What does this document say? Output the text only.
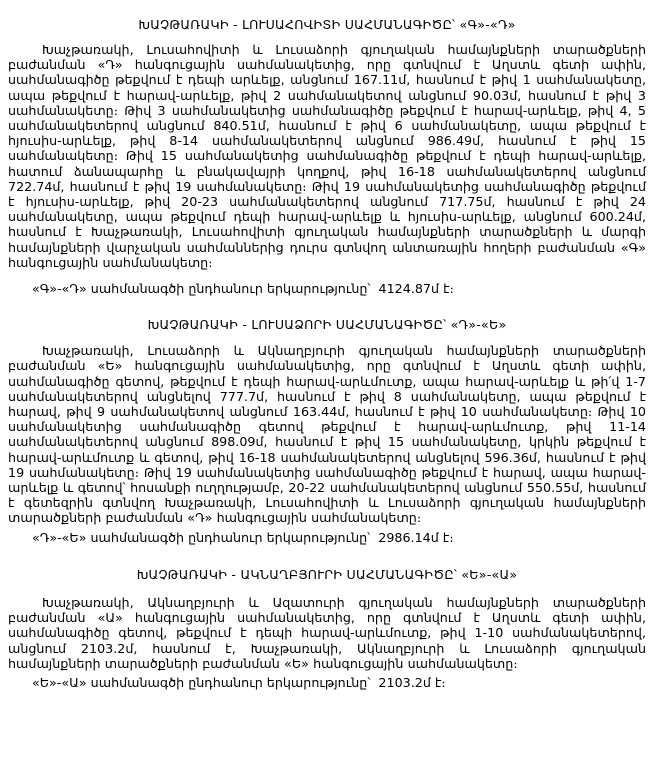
ԽԱՉԹԱՌԱԿԻ - ԼՈՒՍԱՀՈՎԻՏԻ ՍԱՀՄԱՆԱԳԻԾԸ՝ «Գ»-«Դ»

Խաչթառակի, Լուսահովիտի և Լուսաձորի գյուղական համայնքների տարածքների բաժանման «Դ» հանգուցային սահմանակետից, որը գտնվում է Աղստև գետի ափին, սահմանագիծը թեքվում է դեպի արևելք, անցնում 167.11մ, հասնում է թիվ 1 սահմանակետը, ապա թեքվում է հարավ-արևելք, թիվ 2 սահմանակետով անցնում 90.03մ, հասնում է թիվ 3 սահմանակետը։ Թիվ 3 սահմանակետից սահմանագիծը թեքվում է հարավ-արևելք, թիվ 4, 5 սահմանակետերով անցնում 840.51մ, հասնում է թիվ 6 սահմանակետը, ապա թեքվում է հյուսիս-արևելք, թիվ 8-14 սահմանակետերով անցնում 986.49մ, հասնում է թիվ 15 սահմանակետը։ Թիվ 15 սահմանակետից սահմանագիծը թեքվում է դեպի հարավ-արևելք, հատում ձանապարհը և բնակավայրի կողքով, թիվ 16-18 սահմանակետերով անցնում 722.74մ, հասնում է թիվ 19 սահմանակետը։ Թիվ 19 սահմանակետից սահմանագիծը թեքվում է հյուսիս-արևելք, թիվ 20-23 սահմանակետերով անցնում 717.75մ, հասնում է թիվ 24 սահմանակետը, ապա թեքվում դեպի հարավ-արևելք և հյուսիս-արևելք, անցնում 600.24մ, հասնում է Խաչթառակի, Լուսահովիտի գյուղական համայնքների տարածքների և մարգի համայնքների վարչական սահմաններից դուրս գտնվող անտառային հողերի բաժանման «Գ» հանգուցային սահմանակետը։

«Գ»-«Դ» սահմանագծի ընդհանուր երկարությունը՝ 4124.87մ է։

ԽԱՉԹԱՌԱԿԻ - ԼՈՒՍԱՁՈՐԻ ՍԱՀՄԱՆԱԳԻԾԸ՝ «Դ»-«Ե»

Խաչթառակի, Լուսաձորի և Ակնաղբյուրի գյուղական համայնքների տարածքների բաժանման «Ե» հանգուցային սահմանակետից, որը գտնվում է Աղստև գետի ափին, սահմանագիծը գետով, թեքվում է դեպի հարավ-արևմուտք, ապա հարավ-արևելք և թի՛վ 1-7 սահմանակետերով անցնելով 777.7մ, հասնում է թիվ 8 սահմանակետը, ապա թեքվում է հարավ, թիվ 9 սահմանակետով անցնում 163.44մ, հասնում է թիվ 10 սահմանակետը։ Թիվ 10 սահմանակետից սահմանագիծը գետով թեքվում է հարավ-արևմուտք, թիվ 11-14 սահմանակետերով անցնում 898.09մ, հասնում է թիվ 15 սահմանակետը, կրկին թեքվում է հարավ-արևմուտք և գետով, թիվ 16-18 սահմանակետերով անցնելով 596.36մ, հասնում է թիվ 19 սահմանակետը։ Թիվ 19 սահմանակետից սահմանագիծը թեքվում է հարավ, ապա հարավ-արևելք և գետով՝ հոսանքի ուղղությամբ, 20-22 սահմանակետերով անցնում 550.55մ, հասնում է գետեզրին գտնվող Խաչթառակի, Լուսահովիտի և Լուսաձորի գյուղական համայնքների տարածքների բաժանման «Դ» հանգուցային սահմանակետը։

«Դ»-«Ե» սահմանագծի ընդհանուր երկարությունը՝ 2986.14մ է։

ԽԱՉԹԱՌԱԿԻ - ԱԿՆԱՂԲՅՈՒՐԻ ՍԱՀՄԱՆԱԳԻԾԸ՝ «Ե»-«Ա»

Խաչթառակի, Ակնաղբյուրի և Ազատուրի գյուղական համայնքների տարածքների բաժանման «Ա» հանգուցային սահմանակետից, որը գտնվում է Աղստև գետի ափին, սահմանագիծը գետով, թեքվում է դեպի հարավ-արևմուտք, թիվ 1-10 սահմանակետերով, անցնում 2103.2մ, հասնում է, Խաչթառակի, Ակնաղբյուրի և Լուսաձորի գյուղական համայնքների տարածքների բաժանման «Ե» հանգուցային սահմանակետը։

«Ե»-«Ա» սահմանագծի ընդհանուր երկարությունը՝ 2103.2մ է։
